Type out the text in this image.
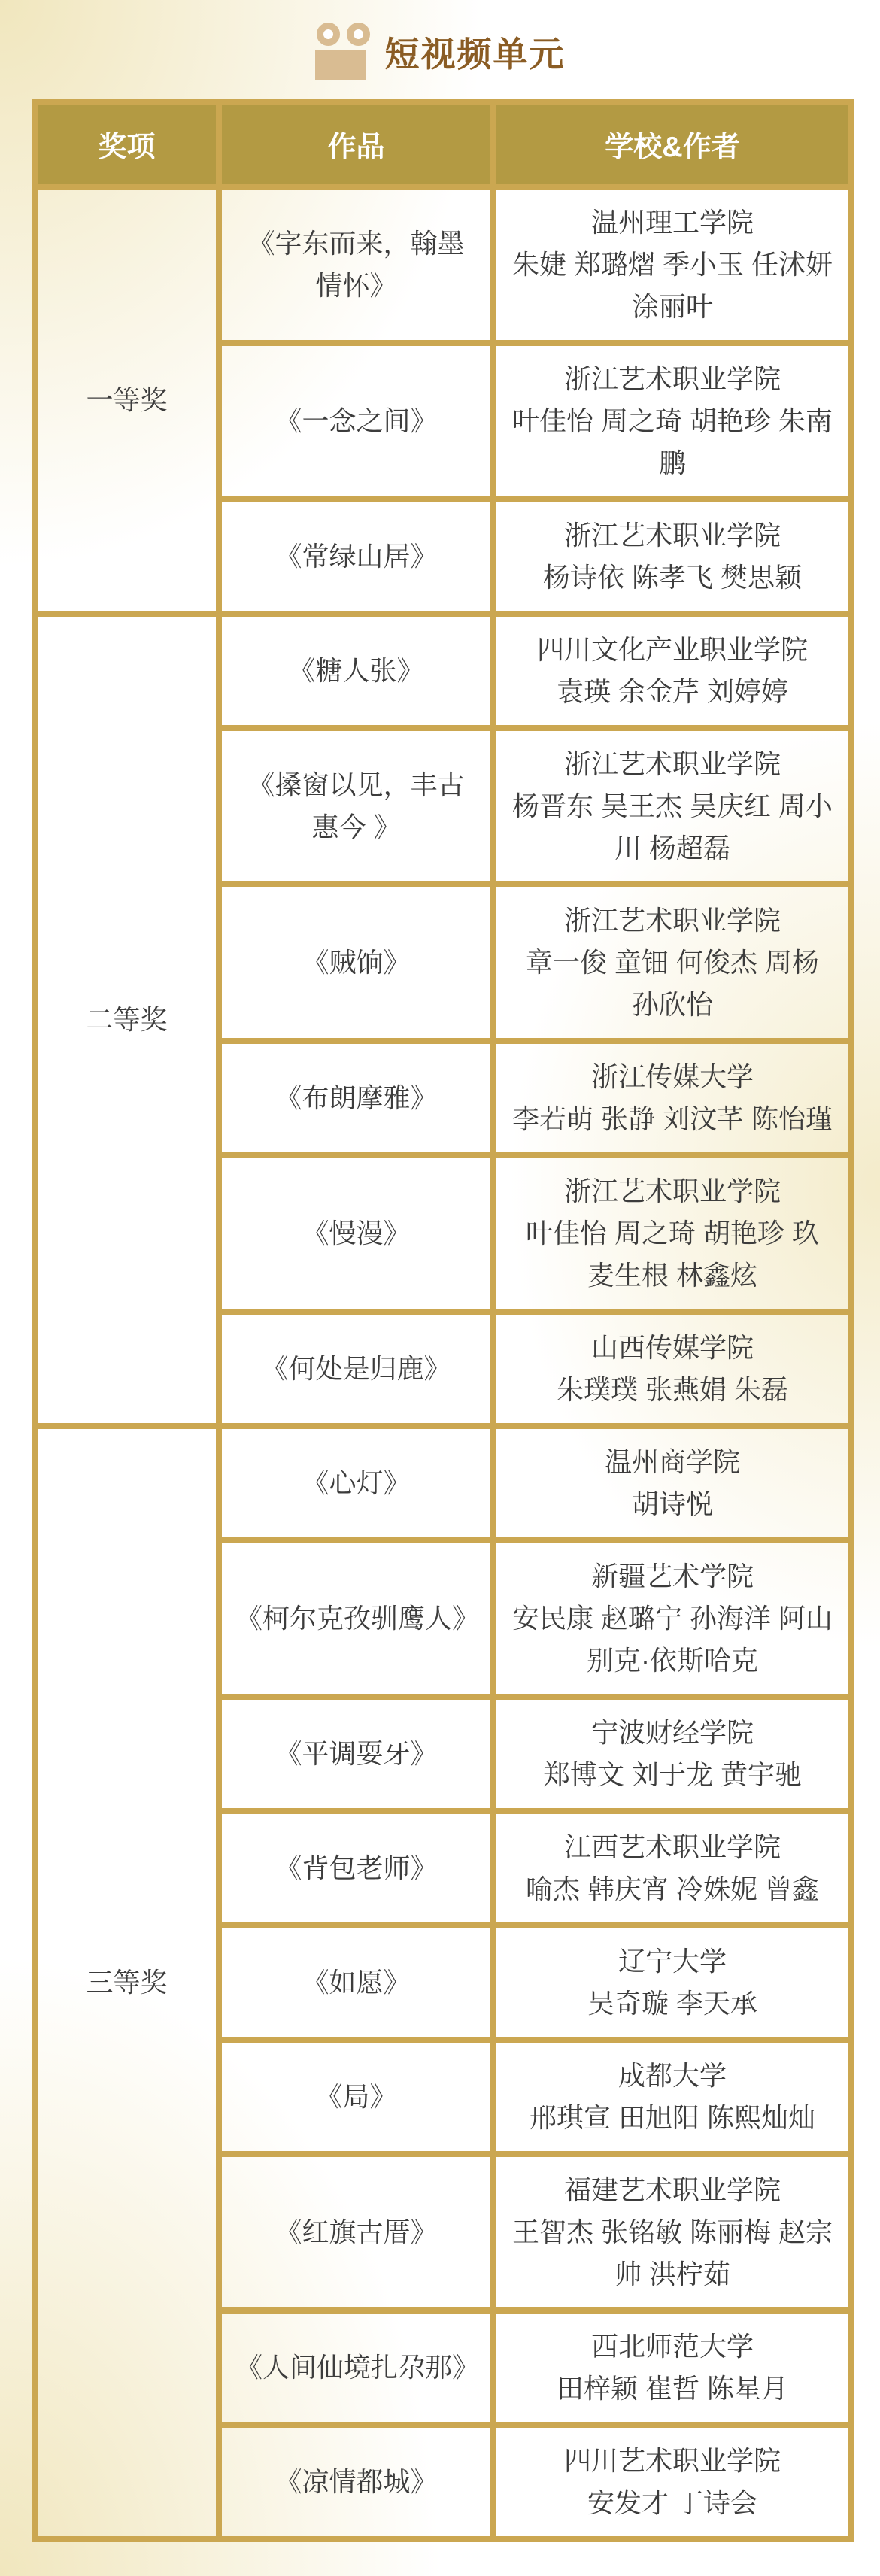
短视频单元
奖项	作品	学校&作者
一等奖	《字东而来，翰墨情怀》	温州理工学院
朱婕 郑璐熠 季小玉 任沭妍 涂丽叶

	《一念之间》	浙江艺术职业学院
叶佳怡 周之琦 胡艳珍 朱南鹏

	《常绿山居》	浙江艺术职业学院
杨诗依 陈孝飞 樊思颖

二等奖	《糖人张》	四川文化产业职业学院
袁瑛 余金芹 刘婷婷

	《搡窗以见，丰古惠今 》	浙江艺术职业学院
杨晋东 吴王杰 吴庆红 周小川 杨超磊

	《贼饷》	浙江艺术职业学院
章一俊 童钿 何俊杰 周杨 孙欣怡

	《布朗摩雅》	浙江传媒大学
李若萌 张静 刘汶芊 陈怡瑾

	《慢漫》	浙江艺术职业学院
叶佳怡 周之琦 胡艳珍 玖 麦生根 林鑫炫

	《何处是归鹿》	山西传媒学院
朱璞璞 张燕娟 朱磊

三等奖	《心灯》	温州商学院
胡诗悦

	《柯尔克孜驯鹰人》	新疆艺术学院
安民康 赵璐宁 孙海洋 阿山别克·依斯哈克

	《平调耍牙》	宁波财经学院
郑博文 刘于龙 黄宇驰

	《背包老师》	江西艺术职业学院
喻杰 韩庆宵 冷姝妮 曾鑫

	《如愿》	辽宁大学
吴奇璇 李天承

	《局》	成都大学
邢琪宣 田旭阳 陈熙灿灿

	《红旗古厝》	福建艺术职业学院
王智杰 张铭敏 陈丽梅 赵宗帅 洪柠茹

	《人间仙境扎尕那》	西北师范大学
田梓颖 崔哲 陈星月

	《凉情都城》	四川艺术职业学院
安发才 丁诗会
